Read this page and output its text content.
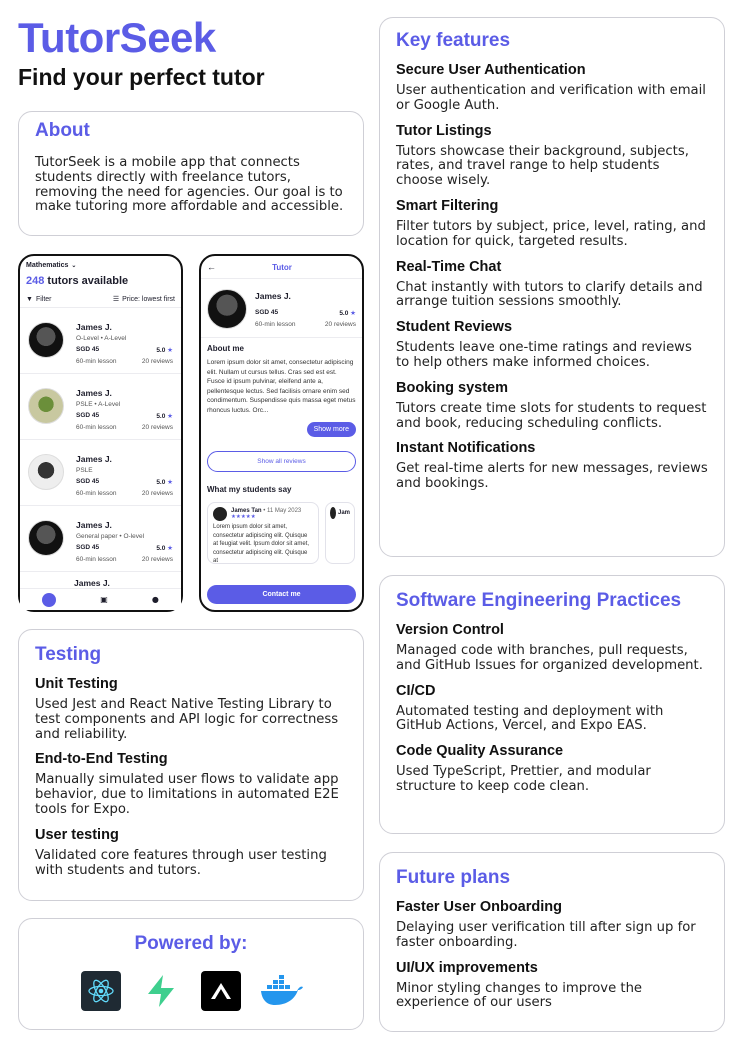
TutorSeek
Find your perfect tutor
About

TutorSeek is a mobile app that connects students directly with freelance tutors, removing the need for agencies. Our goal is to make tutoring more affordable and accessible.

Mathematics ⌄
248 tutors available
▼ Filter	☰ Price: lowest first
James J.
O-Level • A-Level
SGD 45	5.0 ★
60-min lesson	20 reviews
James J.
PSLE • A-Level
SGD 45	5.0 ★
60-min lesson	20 reviews
James J.
PSLE
SGD 45	5.0 ★
60-min lesson	20 reviews
James J.
General paper • O-level
SGD 45	5.0 ★
60-min lesson	20 reviews
James J.
▣	●
←	Tutor
James J.
SGD 45	5.0 ★
60-min lesson	20 reviews
About me
Lorem ipsum dolor sit amet, consectetur adipiscing elit. Nullam ut cursus tellus. Cras sed est est. Fusce id ipsum pulvinar, eleifend ante a, pellentesque lectus. Sed facilisis ornare enim sed condimentum. Suspendisse quis massa eget metus rhoncus luctus. Orc...
Show more
Show all reviews
What my students say
James Tan • 11 May 2023
★★★★★
Lorem ipsum dolor sit amet, consectetur adipiscing elit. Quisque at feugiat velit. Ipsum dolor sit amet, consectetur adipiscing elit. Quisque at
Jam
Contact me
Testing
Unit Testing

Used Jest and React Native Testing Library to test components and API logic for correctness and reliability.

End-to-End Testing

Manually simulated user flows to validate app behavior, due to limitations in automated E2E tools for Expo.

User testing

Validated core features through user testing with students and tutors.

Powered by:
Key features
Secure User Authentication

User authentication and verification with email or Google Auth.

Tutor Listings

Tutors showcase their background, subjects, rates, and travel range to help students choose wisely.

Smart Filtering

Filter tutors by subject, price, level, rating, and location for quick, targeted results.

Real-Time Chat

Chat instantly with tutors to clarify details and arrange tuition sessions smoothly.

Student Reviews

Students leave one-time ratings and reviews to help others make informed choices.

Booking system

Tutors create time slots for students to request and book, reducing scheduling conflicts.

Instant Notifications

Get real-time alerts for new messages, reviews and bookings.

Software Engineering Practices
Version Control

Managed code with branches, pull requests, and GitHub Issues for organized development.

CI/CD

Automated testing and deployment with GitHub Actions, Vercel, and Expo EAS.

Code Quality Assurance

Used TypeScript, Prettier, and modular structure to keep code clean.

Future plans
Faster User Onboarding

Delaying user verification till after sign up for faster onboarding.

UI/UX improvements

Minor styling changes to improve the experience of our users
